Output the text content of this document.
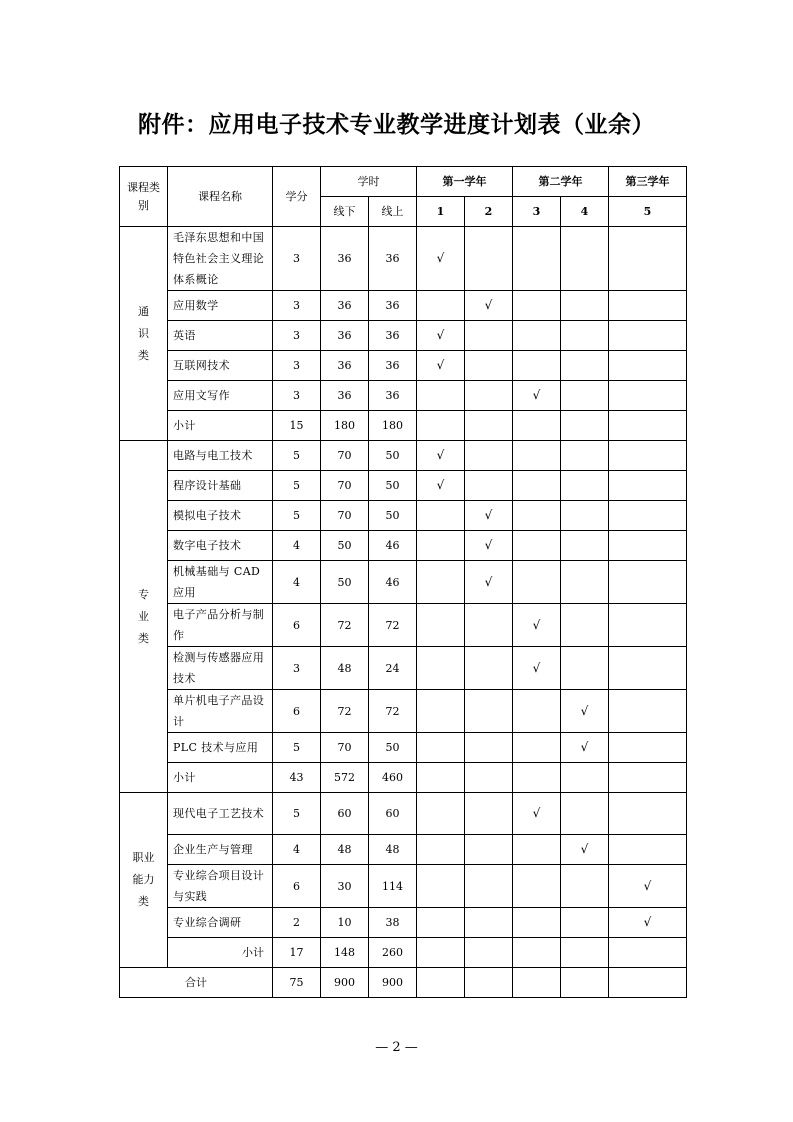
附件：应用电子技术专业教学进度计划表（业余）
课程类别	课程名称	学分	学时		第一学年		第二学年		第三学年
			线下	线上	1	2	3	4	5
通识类	毛泽东思想和中国特色社会主义理论体系概论	3	36	36	√				
	应用数学	3	36	36		√			
	英语	3	36	36	√				
	互联网技术	3	36	36	√				
	应用文写作	3	36	36			√		
	小计	15	180	180					
专业类	电路与电工技术	5	70	50	√				
	程序设计基础	5	70	50	√				
	模拟电子技术	5	70	50		√			
	数字电子技术	4	50	46		√			
	机械基础与 CAD 应用	4	50	46		√			
	电子产品分析与制作	6	72	72			√		
	检测与传感器应用技术	3	48	24			√		
	单片机电子产品设计	6	72	72				√	
	PLC 技术与应用	5	70	50				√	
	小计	43	572	460					
职业能力类	现代电子工艺技术	5	60	60			√		
	企业生产与管理	4	48	48				√	
	专业综合项目设计与实践	6	30	114					√
	专业综合调研	2	10	38					√
	小计	17	148	260					
合计		75	900	900					
— 2 —
